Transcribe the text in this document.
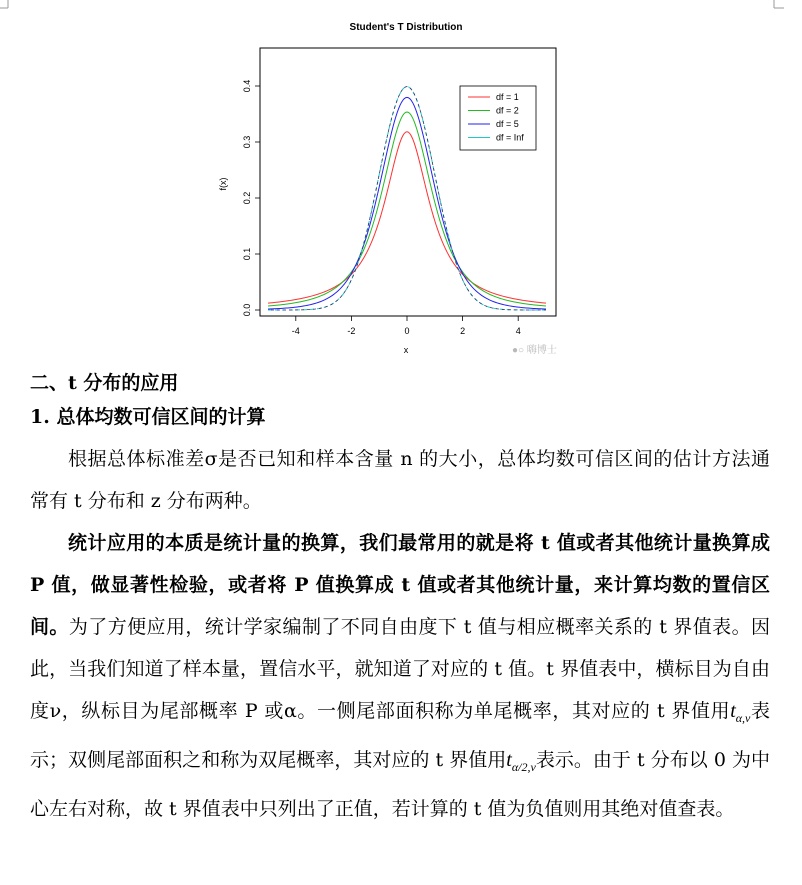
Student's T Distribution
-4	-2	0	2	4
0.0
0.1
0.2
0.3
0.4
df = 1
df = 2
df = 5
df = Inf
x
f(x)
●○ 嗨博士
二、t 分布的应用
1. 总体均数可信区间的计算
根据总体标准差σ是否已知和样本含量 n 的大小，总体均数可信区间的估计方法通常有 t 分布和 z 分布两种。
统计应用的本质是统计量的换算，我们最常用的就是将 t 值或者其他统计量换算成 P 值，做显著性检验，或者将 P 值换算成 t 值或者其他统计量，来计算均数的置信区间。为了方便应用，统计学家编制了不同自由度下 t 值与相应概率关系的 t 界值表。因此，当我们知道了样本量，置信水平，就知道了对应的 t 值。t 界值表中，横标目为自由度ν，纵标目为尾部概率 P 或α。一侧尾部面积称为单尾概率，其对应的 t 界值用$t_{\alpha,\nu}$表示；双侧尾部面积之和称为双尾概率，其对应的 t 界值用$t_{\alpha/2,\nu}$表示。由于 t 分布以 0 为中心左右对称，故 t 界值表中只列出了正值，若计算的 t 值为负值则用其绝对值查表。
